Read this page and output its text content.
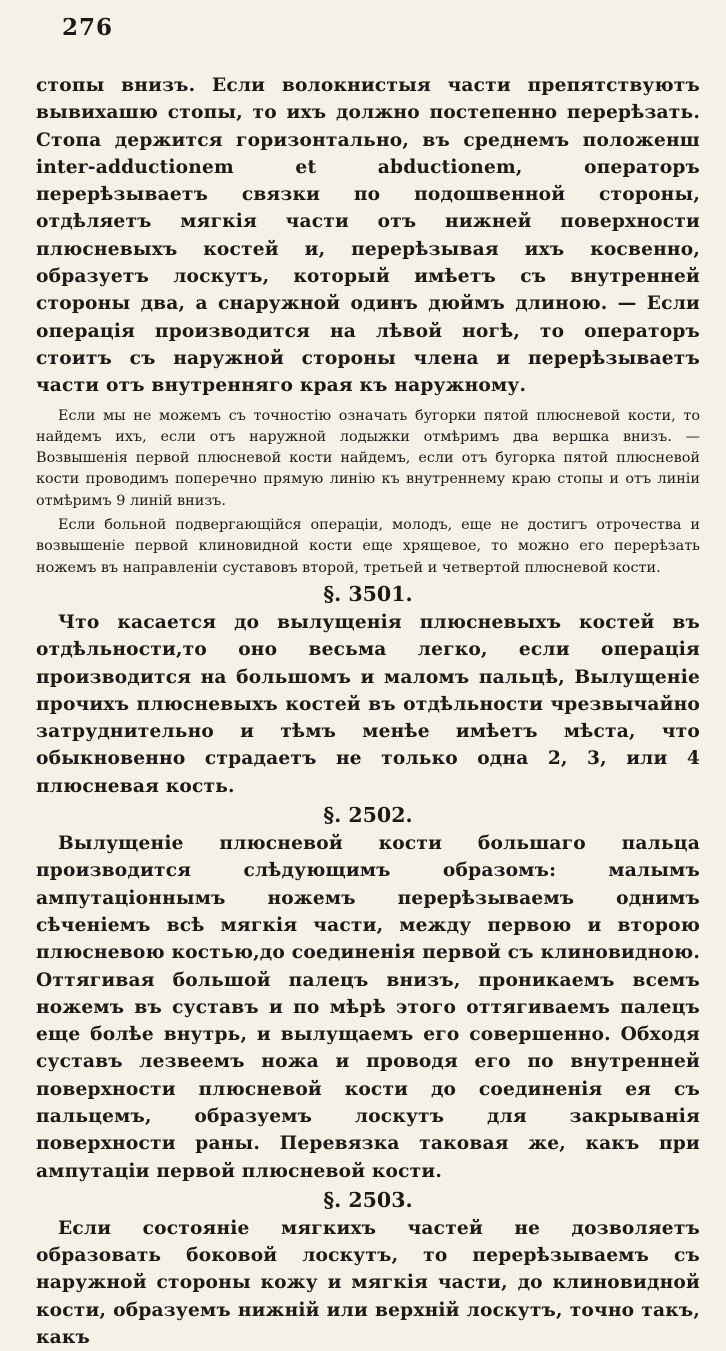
276

стопы внизъ. Если волокнистыя части препятствуютъ вывихашю стопы, то ихъ должно постепенно перерѣзать. Стопа держится горизонтально, въ среднемъ положенш inter-adductionem et abductionem, операторъ перерѣзываетъ связки по подошвенной стороны, отдѣляетъ мягкія части отъ нижней поверхности плюсневыхъ костей и, перерѣзывая ихъ косвенно, образуетъ лоскутъ, который имѣетъ съ внутренней стороны два, а снаружной одинъ дюймъ длиною. — Если операція производится на лѣвой ногѣ, то операторъ стоитъ съ наружной стороны члена и перерѣзываетъ части отъ внутренняго края къ наружному.

Если мы не можемъ съ точностію означать бугорки пятой плюсневой кости, то найдемъ ихъ, если отъ наружной лодыжки отмѣримъ два вершка внизъ. — Возвышенія первой плюсневой кости найдемъ, если отъ бугорка пятой плюсневой кости проводимъ поперечно прямую линію къ внутреннему краю стопы и отъ линіи отмѣримъ 9 линій внизъ.

Если больной подвергающійся операціи, молодъ, еще не достигъ отрочества и возвышеніе первой клиновидной кости еще хрящевое, то можно его перерѣзать ножемъ въ направленіи суставовъ второй, третьей и четвертой плюсневой кости.

§. 3501.

Что касается до вылущенія плюсневыхъ костей въ отдѣльности,то оно весьма легко, если операція производится на большомъ и маломъ пальцѣ, Вылущеніе прочихъ плюсневыхъ костей въ отдѣльности чрезвычайно затруднительно и тѣмъ менѣе имѣетъ мѣста, что обыкновенно страдаетъ не только одна 2, 3, или 4 плюсневая кость.

§. 2502.

Вылущеніе плюсневой кости большаго пальца производится слѣдующимъ образомъ: малымъ ампутаціоннымъ ножемъ перерѣзываемъ однимъ сѣченіемъ всѣ мягкія части, между первою и второю плюсневою костью,до соединенія первой съ клиновидною. Оттягивая большой палецъ внизъ, проникаемъ всемъ ножемъ въ суставъ и по мѣрѣ этого оттягиваемъ палецъ еще болѣе внутрь, и вылущаемъ его совершенно. Обходя суставъ лезвеемъ ножа и проводя его по внутренней поверхности плюсневой кости до соединенія ея съ пальцемъ, образуемъ лоскутъ для закрыванія поверхности раны. Перевязка таковая же, какъ при ампутаціи первой плюсневой кости.

§. 2503.

Если состояніе мягкихъ частей не дозволяетъ образовать боковой лоскутъ, то перерѣзываемъ съ наружной стороны кожу и мягкія части, до клиновидной кости, образуемъ нижній или верхній лоскутъ, точно такъ, какъ
